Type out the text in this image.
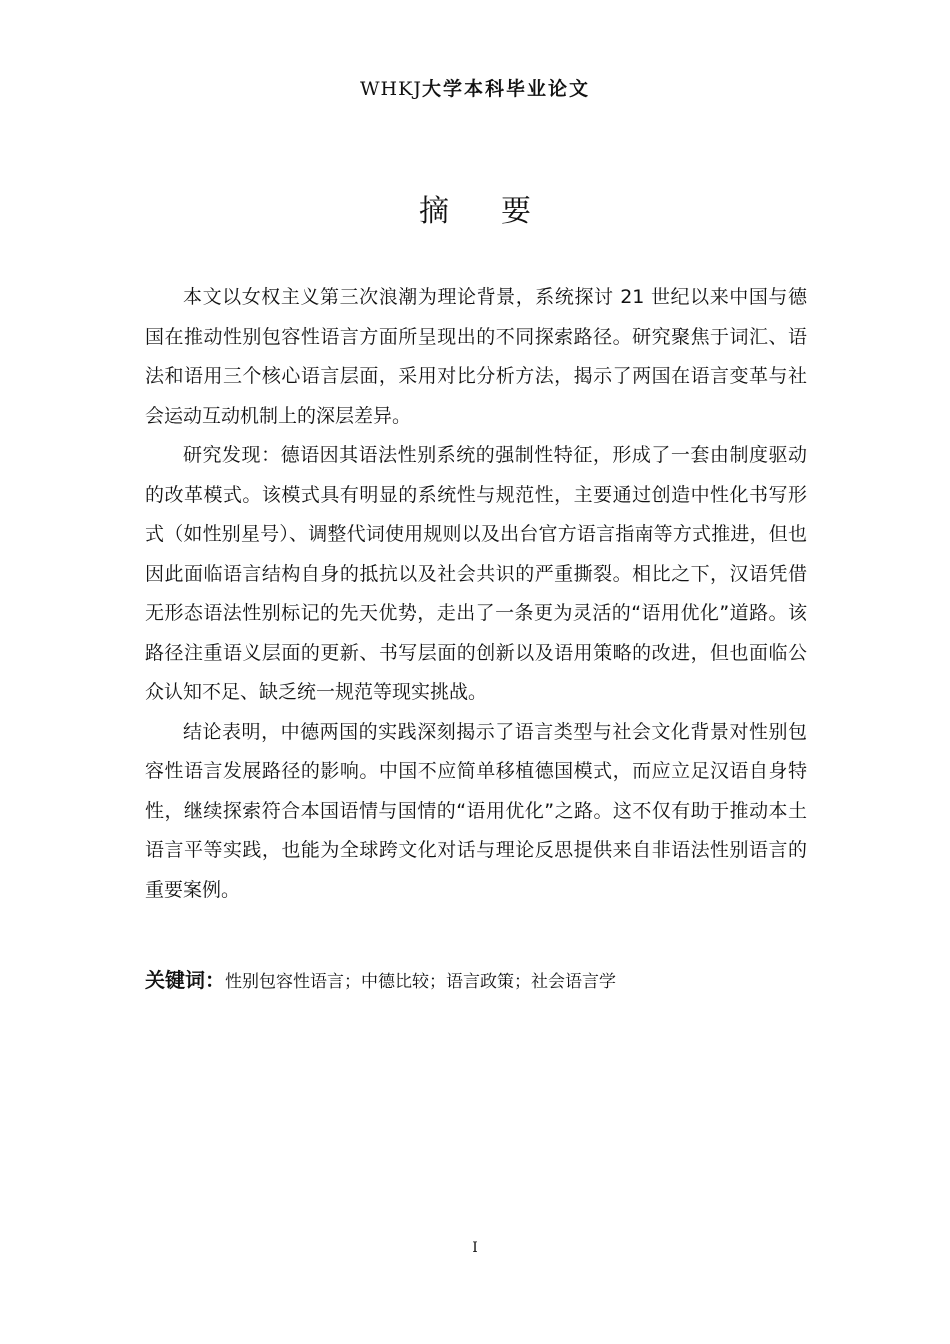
WHKJ大学本科毕业论文
摘要

本文以女权主义第三次浪潮为理论背景，系统探讨 21 世纪以来中国与德国在推动性别包容性语言方面所呈现出的不同探索路径。研究聚焦于词汇、语法和语用三个核心语言层面，采用对比分析方法，揭示了两国在语言变革与社会运动互动机制上的深层差异。

研究发现：德语因其语法性别系统的强制性特征，形成了一套由制度驱动的改革模式。该模式具有明显的系统性与规范性，主要通过创造中性化书写形式（如性别星号）、调整代词使用规则以及出台官方语言指南等方式推进，但也因此面临语言结构自身的抵抗以及社会共识的严重撕裂。相比之下，汉语凭借无形态语法性别标记的先天优势，走出了一条更为灵活的“语用优化”道路。该路径注重语义层面的更新、书写层面的创新以及语用策略的改进，但也面临公众认知不足、缺乏统一规范等现实挑战。

结论表明，中德两国的实践深刻揭示了语言类型与社会文化背景对性别包容性语言发展路径的影响。中国不应简单移植德国模式，而应立足汉语自身特性，继续探索符合本国语情与国情的“语用优化”之路。这不仅有助于推动本土语言平等实践，也能为全球跨文化对话与理论反思提供来自非语法性别语言的重要案例。

关键词：性别包容性语言；中德比较；语言政策；社会语言学
I
